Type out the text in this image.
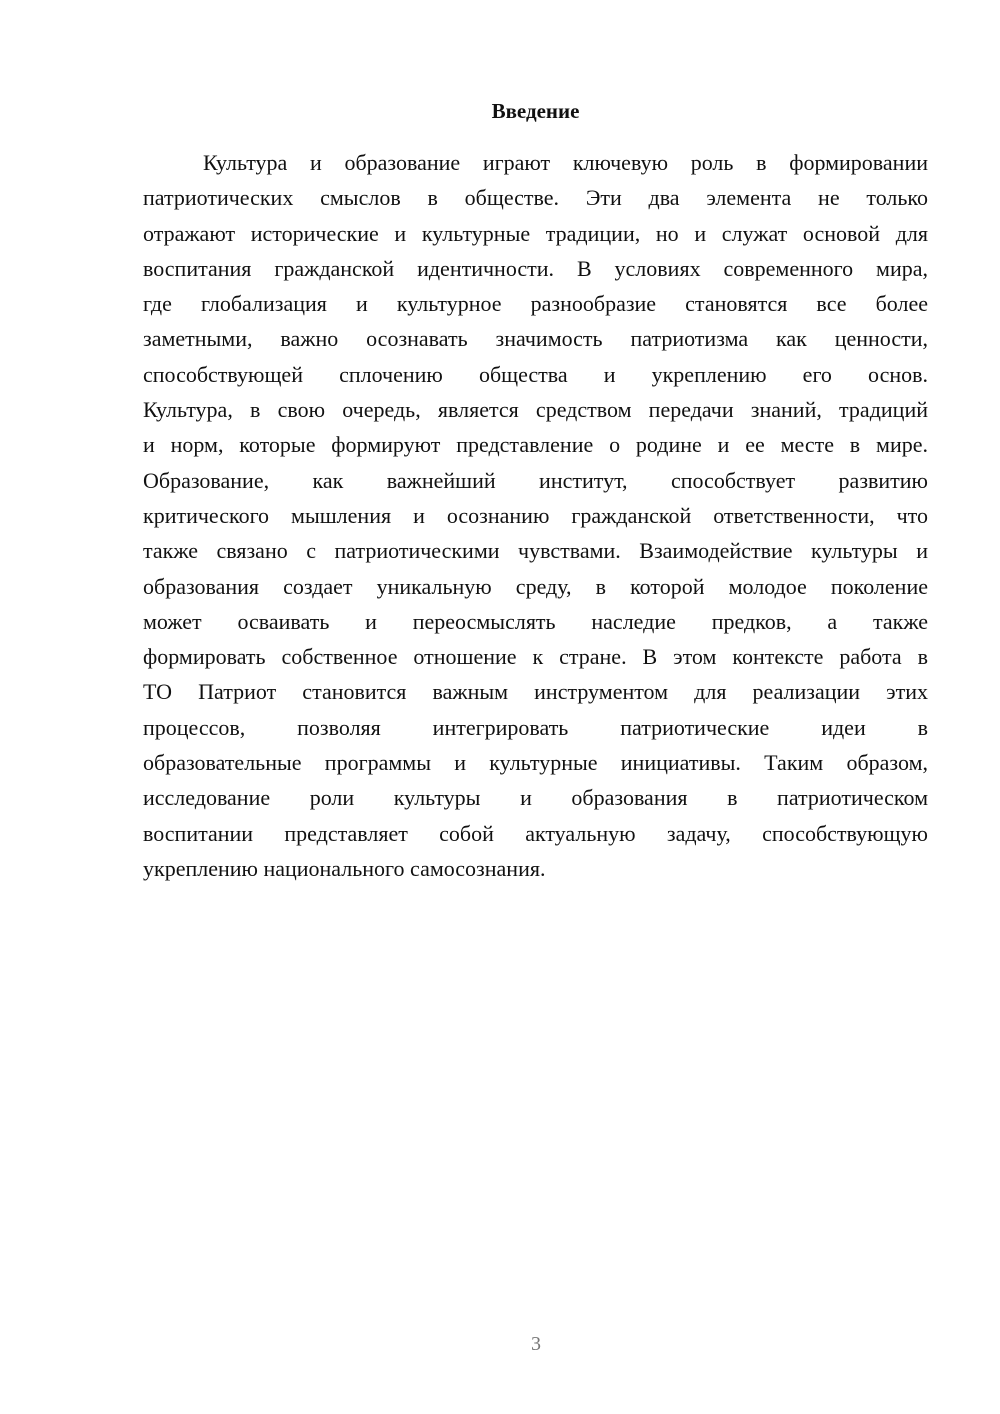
Введение
Культура и образование играют ключевую роль в формировании
патриотических смыслов в обществе. Эти два элемента не только
отражают исторические и культурные традиции, но и служат основой для
воспитания гражданской идентичности. В условиях современного мира,
где глобализация и культурное разнообразие становятся все более
заметными, важно осознавать значимость патриотизма как ценности,
способствующей сплочению общества и укреплению его основ.
Культура, в свою очередь, является средством передачи знаний, традиций
и норм, которые формируют представление о родине и ее месте в мире.
Образование, как важнейший институт, способствует развитию
критического мышления и осознанию гражданской ответственности, что
также связано с патриотическими чувствами. Взаимодействие культуры и
образования создает уникальную среду, в которой молодое поколение
может осваивать и переосмыслять наследие предков, а также
формировать собственное отношение к стране. В этом контексте работа в
ТО Патриот становится важным инструментом для реализации этих
процессов, позволяя интегрировать патриотические идеи в
образовательные программы и культурные инициативы. Таким образом,
исследование роли культуры и образования в патриотическом
воспитании представляет собой актуальную задачу, способствующую
укреплению национального самосознания.
3
